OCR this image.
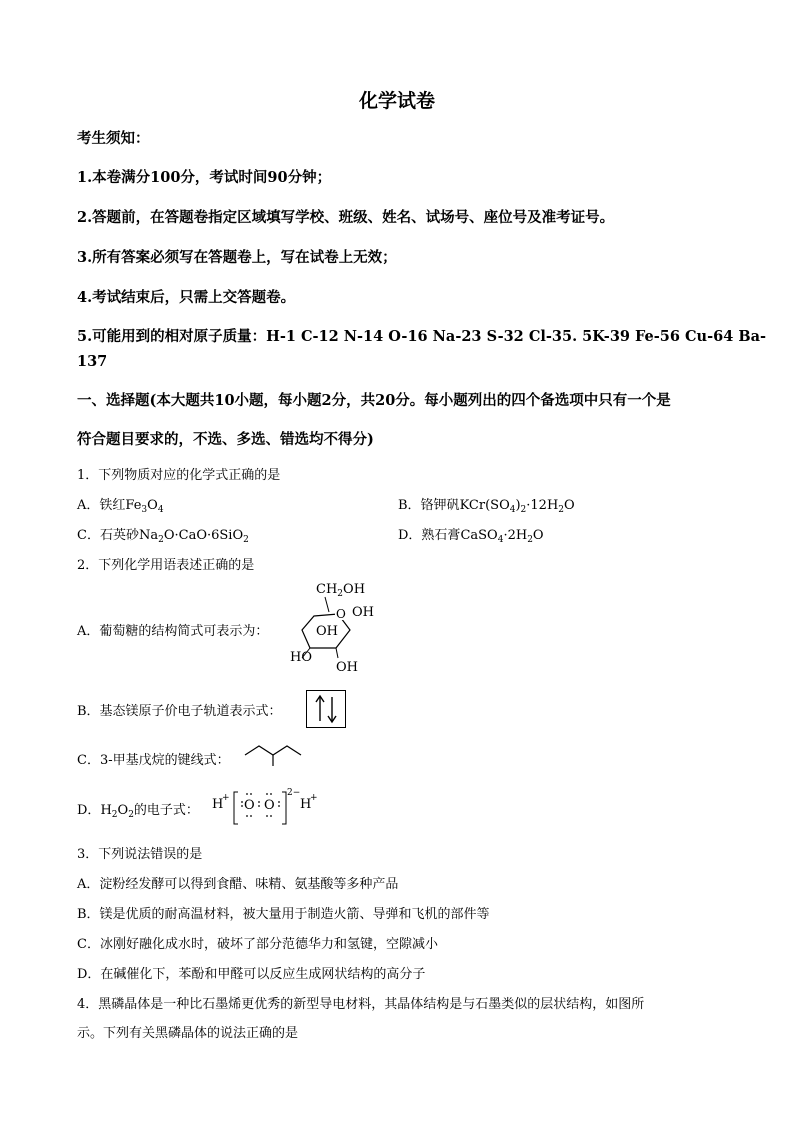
化学试卷
考生须知：
1.本卷满分100分，考试时间90分钟；
2.答题前，在答题卷指定区域填写学校、班级、姓名、试场号、座位号及准考证号。
3.所有答案必须写在答题卷上，写在试卷上无效；
4.考试结束后，只需上交答题卷。
5.可能用到的相对原子质量：H-1 C-12 N-14 O-16 Na-23 S-32 Cl-35. 5K-39 Fe-56 Cu-64 Ba-
137
一、选择题(本大题共10小题，每小题2分，共20分。每小题列出的四个备选项中只有一个是
符合题目要求的，不选、多选、错选均不得分)
1．下列物质对应的化学式正确的是
A．铁红$Fe_3O_4$	B．铬钾矾$KCr(SO_4)_2\cdot 12H_2O$
C．石英砂$Na_2O\cdot CaO\cdot 6SiO_2$	D．熟石膏$CaSO_4\cdot 2H_2O$
2．下列化学用语表述正确的是
A．葡萄糖的结构简式可表示为：
$CH_2OH$
O OH
OH
HO
OH
B．基态镁原子价电子轨道表示式：
C．3-甲基戊烷的键线式：
D．$H_2O_2$的电子式： H
+ O O
2−
H
+
3．下列说法错误的是
A．淀粉经发酵可以得到食醋、味精、氨基酸等多种产品
B．镁是优质的耐高温材料，被大量用于制造火箭、导弹和飞机的部件等
C．冰刚好融化成水时，破坏了部分范德华力和氢键，空隙减小
D．在碱催化下，苯酚和甲醛可以反应生成网状结构的高分子
4．黑磷晶体是一种比石墨烯更优秀的新型导电材料，其晶体结构是与石墨类似的层状结构，如图所
示。下列有关黑磷晶体的说法正确的是
